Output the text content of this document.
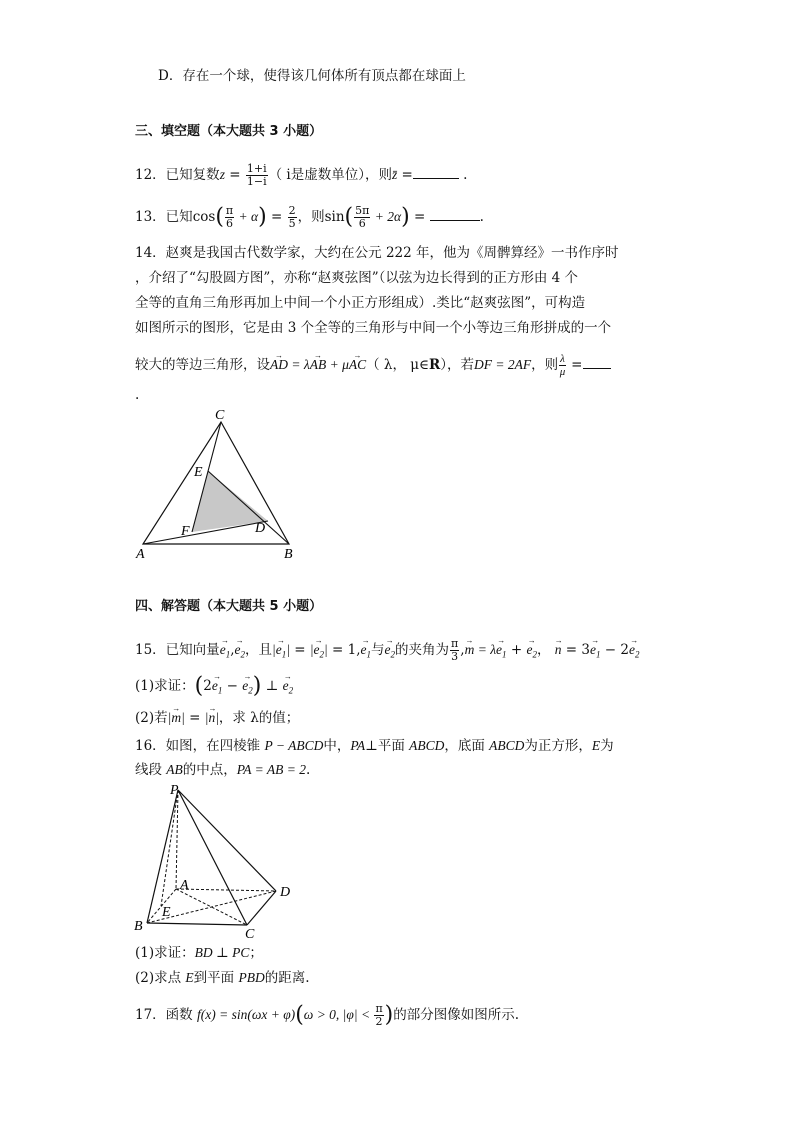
D．存在一个球，使得该几何体所有顶点都在球面上
三、填空题（本大题共 3 小题）
12．已知复数$z = \frac{1+i}{1-i}$ （ i是虚数单位），则z̄ =	.
13．已知$\cos( \frac{\pi}{6} + \alpha) = \frac{2}{5}$ ，则$\sin( \frac{5\pi}{6} + 2\alpha)$ =	.
14．赵爽是我国古代数学家，大约在公元 222 年，他为《周髀算经》一书作序时
，介绍了“勾股圆方图”，亦称“赵爽弦图”（以弦为边长得到的正方形由 4 个
全等的直角三角形再加上中间一个小正方形组成）.类比“赵爽弦图”，可构造
如图所示的图形，它是由 3 个全等的三角形与中间一个小等边三角形拼成的一个
较大的等边三角形，设→ AD = λ→ AB + μ→ AC（ λ， μ∈R），若DF = 2AF，则 $\frac{\lambda}{\mu}$ =
.
C
E
F	D
A	B
四、解答题（本大题共 5 小题）
15．已知向量→ $e_1,\to e_2$，且|→ $e_1|$ = |→ $e_2| = 1,\to e_1$与→ $e_2$的夹角为 $\frac{\pi}{3}$ ,→ $m = \lambda\to e_1$ + → $e_2$， → $n = 3\to e_1 - 2\to e_2$
(1)求证：($2\to e_1$ − → $e_2$) ⊥ → $e_2$
(2)若|→ m| = |→ n|，求 λ的值；
16．如图，在四棱锥 P − ABCD中，PA⊥平面 ABCD，底面 ABCD为正方形，E为
线段 AB的中点，PA = AB = 2.
P
A	D
E
B
C
(1)求证：BD ⊥ PC；
(2)求点 E到平面 PBD的距离.
17．函数 f(x) = sin(ωx + φ)(ω > 0, $|\varphi| < \frac{\pi}{2}$ )的部分图像如图所示.
